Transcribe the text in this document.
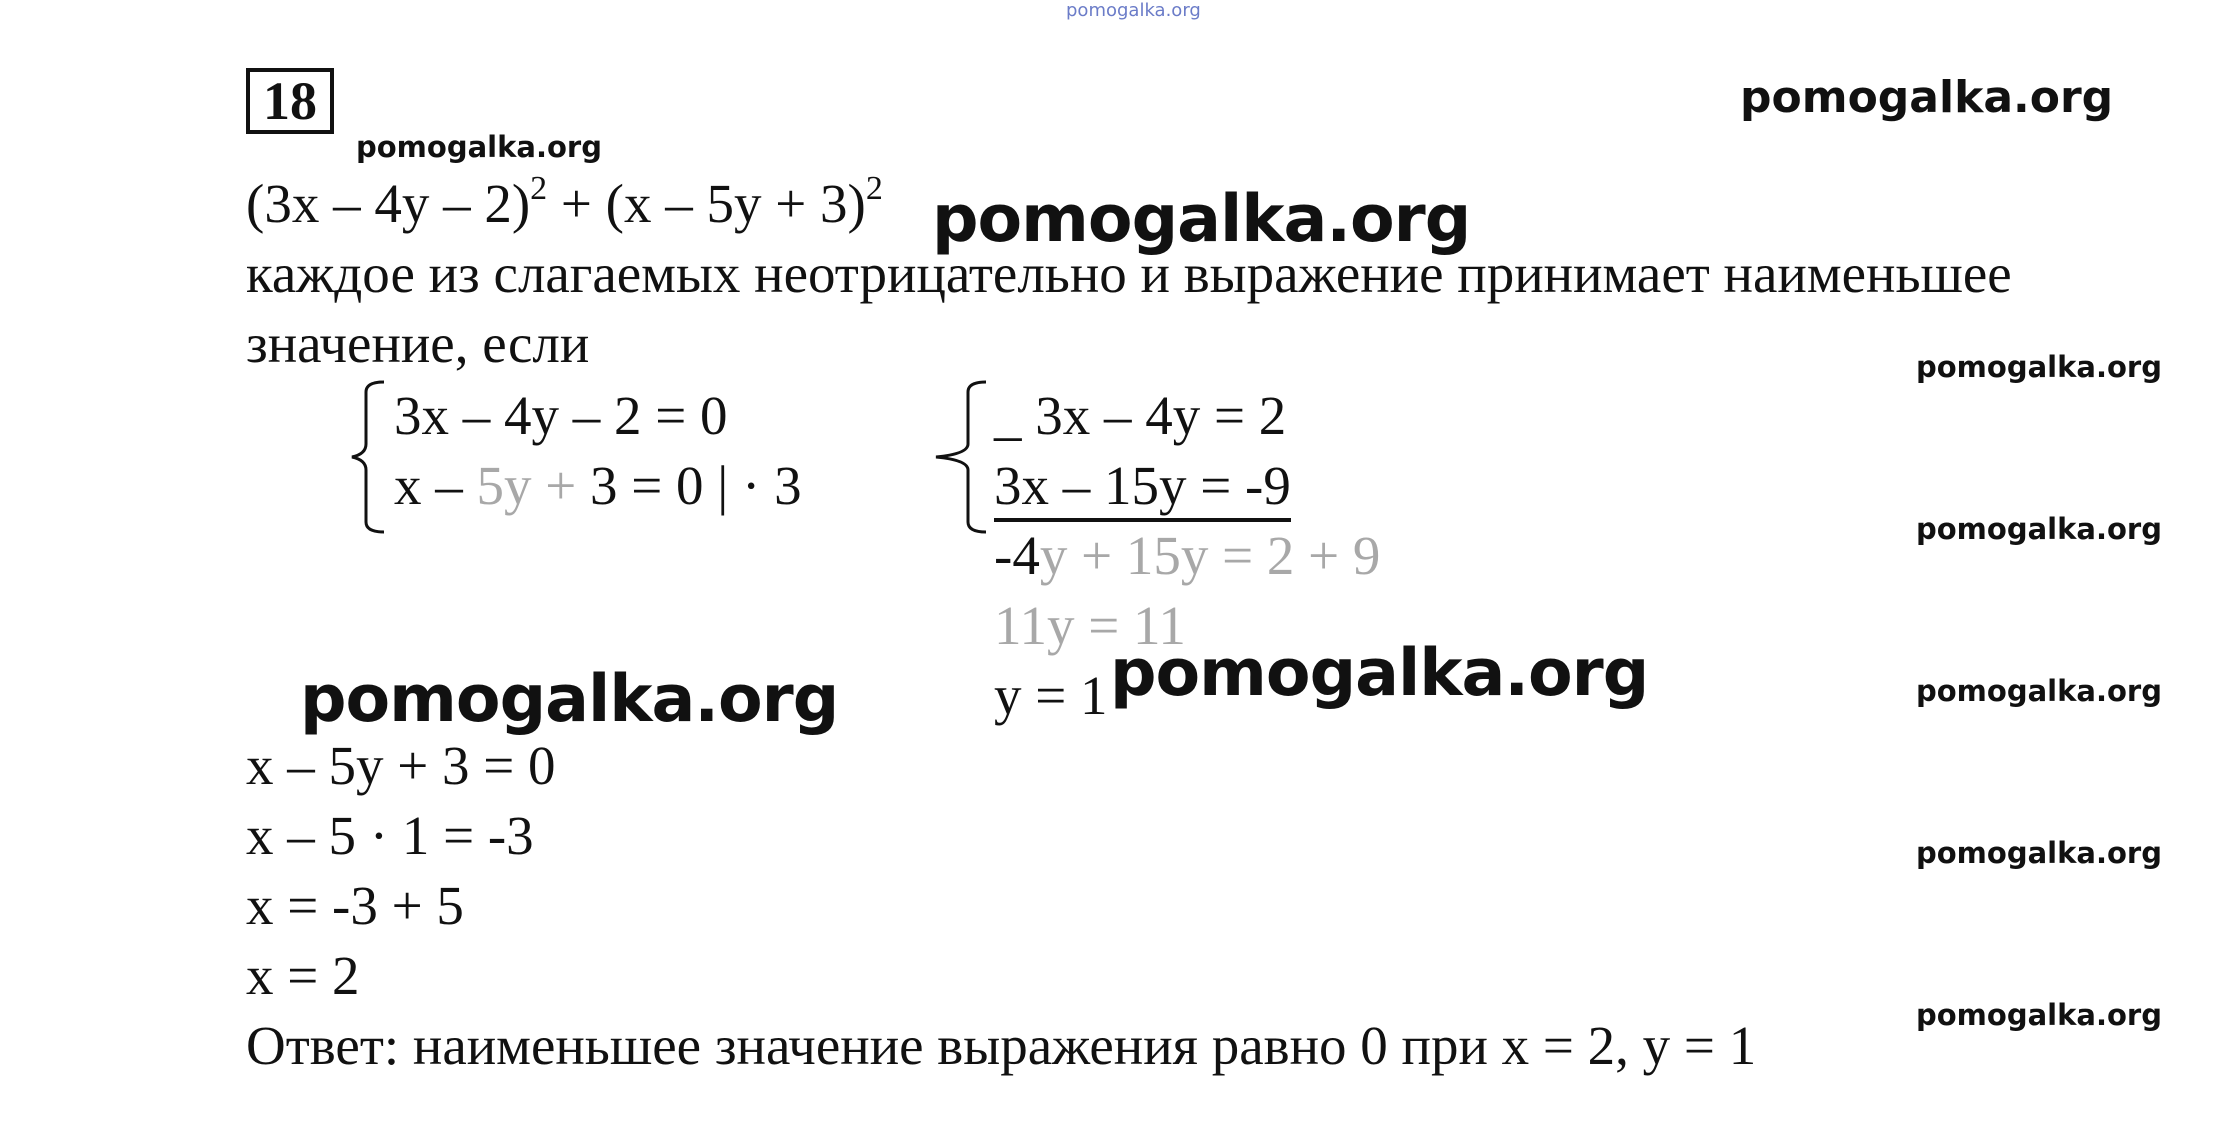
pomogalka.org
18	pomogalka.org
pomogalka.org
pomogalka.org
pomogalka.org	pomogalka.org
pomogalka.org
pomogalka.org
pomogalka.org
pomogalka.org
pomogalka.org
$(3x - 4y - 2)^2 + (x - 5y + 3)^2$
каждое из слагаемых неотрицательно и выражение принимает наименьшее
значение, если
3x – 4y – 2 = 0
x – 5y + 3 = 0 | · 3
_ 3x – 4y = 2
3x – 15y = -9
-4y + 15y = 2 + 9
11y = 11
y = 1
x – 5y + 3 = 0
x – 5 · 1 = -3
x = -3 + 5
x = 2
Ответ: наименьшее значение выражения равно 0 при x = 2, y = 1
